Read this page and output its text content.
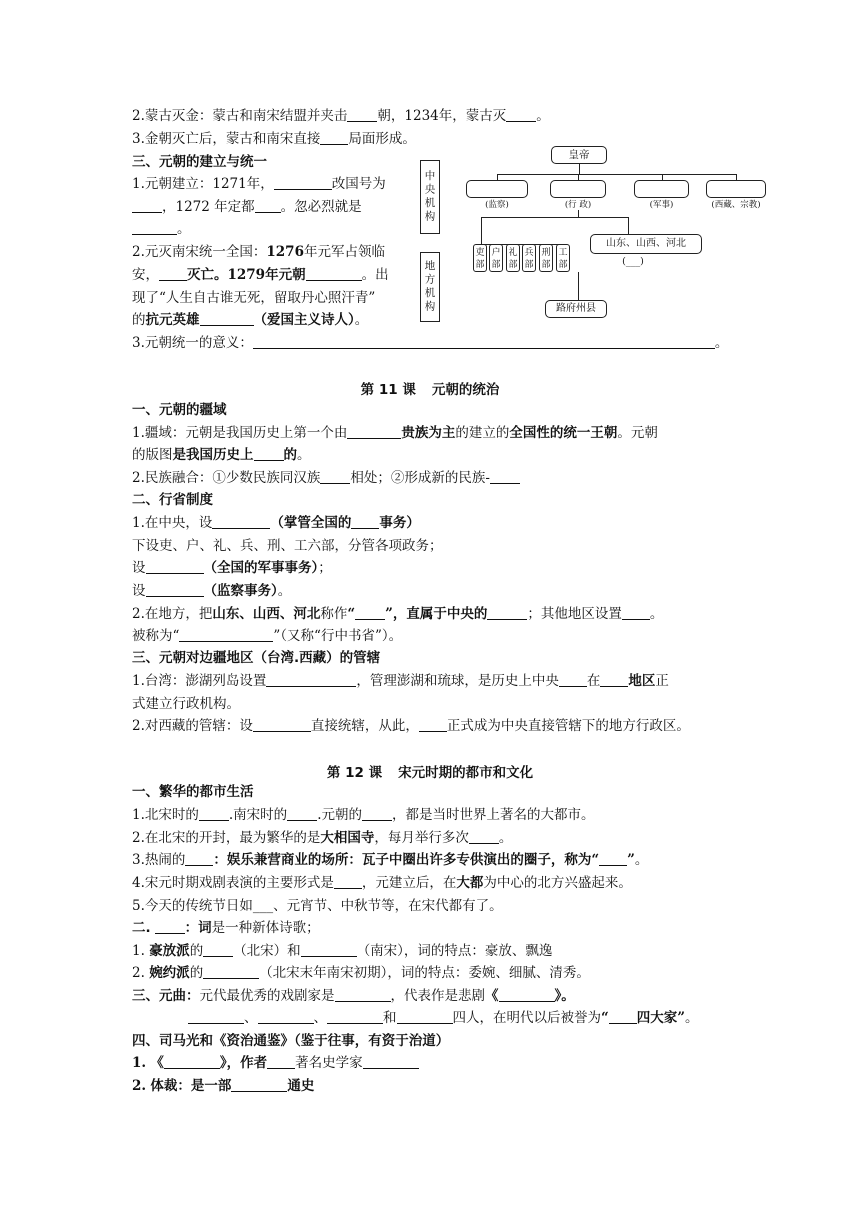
2.蒙古灭金：蒙古和南宋结盟并夹击 朝，1234年，蒙古灭 。
3.金朝灭亡后，蒙古和南宋直接 局面形成。
三、元朝的建立与统一
1.元朝建立：1271年，	改国号为
，1272 年定都 。忽必烈就是
。
2.元灭南宋统一全国：1276年元军占领临
安， 灭亡。1279年元朝	。出
现了“人生自古谁无死，留取丹心照汗青”
的抗元英雄	（爱国主义诗人）。
3.元朝统一的意义：	。
中央机构
地方机构
皇帝
(监察)	(行 政)	(军事)	(西藏、宗教)
吏部
户部
礼部
兵部
刑部
工部
山东、山西、河北
(___)
路府州县
第 11 课 元朝的统治
一、元朝的疆域
1.疆域：元朝是我国历史上第一个由	贵族为主的建立的全国性的统一王朝。元朝
的版图是我国历史上 的。
2.民族融合：①少数民族同汉族 相处；②形成新的民族-
二、行省制度
1.在中央，设	（掌管全国的 事务）
下设吏、户、礼、兵、刑、工六部，分管各项政务；
设	（全国的军事事务）；
设	（监察事务）。
2.在地方，把山东、山西、河北称作“ ”，直属于中央的	；其他地区设置 。
被称为“	”（又称“行中书省”）。
三、元朝对边疆地区（台湾.西藏）的管辖
1.台湾：澎湖列岛设置	，管理澎湖和琉球，是历史上中央 在 地区正
式建立行政机构。
2.对西藏的管辖：设	直接统辖，从此， 正式成为中央直接管辖下的地方行政区。
第 12 课 宋元时期的都市和文化
一、繁华的都市生活
1.北宋时的 .南宋时的 .元朝的 ，都是当时世界上著名的大都市。
2.在北宋的开封，最为繁华的是大相国寺，每月举行多次 。
3.热闹的 ：娱乐兼营商业的场所：瓦子中圈出许多专供演出的圈子，称为“ ”。
4.宋元时期戏剧表演的主要形式是 ，元建立后，在大都为中心的北方兴盛起来。
5.今天的传统节日如___、元宵节、中秋节等，在宋代都有了。
二.	：词是一种新体诗歌；
1. 豪放派的 （北宋）和	（南宋），词的特点：豪放、飘逸
2. 婉约派的	（北宋末年南宋初期），词的特点：委婉、细腻、清秀。
三、元曲：元代最优秀的戏剧家是	，代表作是悲剧《	》。
、	、	和	四人，在明代以后被誉为“ 四大家”。
四、司马光和《资治通鉴》（鉴于往事，有资于治道）
1. 《	》，作者 著名史学家
2. 体裁：是一部	通史
